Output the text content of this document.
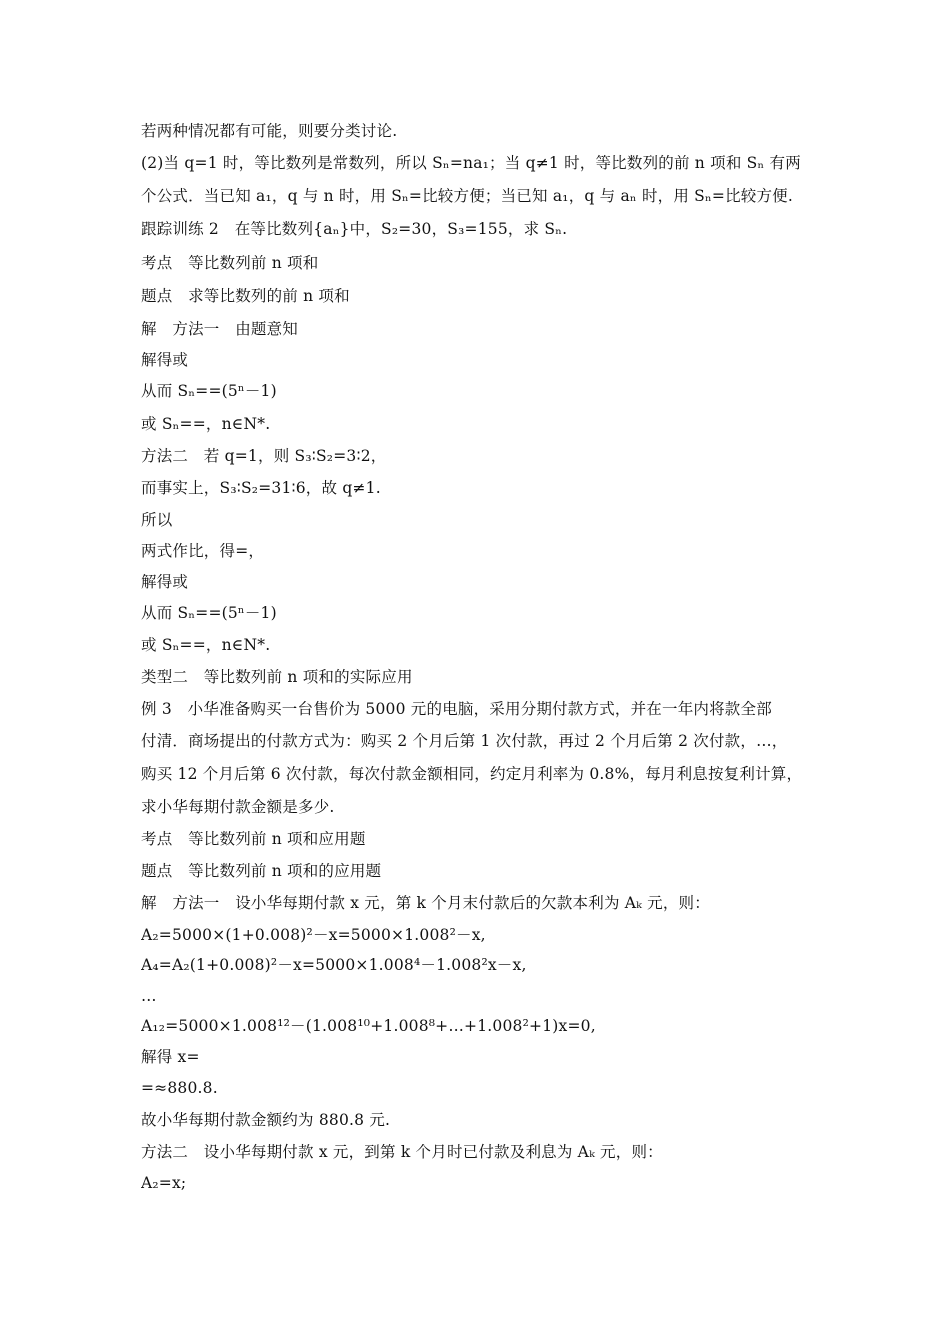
若两种情况都有可能，则要分类讨论.
(2)当 q=1 时，等比数列是常数列，所以 Sₙ=na₁；当 q≠1 时，等比数列的前 n 项和 Sₙ 有两
个公式．当已知 a₁，q 与 n 时，用 Sₙ=比较方便；当已知 a₁，q 与 aₙ 时，用 Sₙ=比较方便.
跟踪训练 2　在等比数列{aₙ}中，S₂=30，S₃=155，求 Sₙ.
考点　等比数列前 n 项和
题点　求等比数列的前 n 项和
解　方法一　由题意知
解得或
从而 Sₙ==(5ⁿ－1)
或 Sₙ==，n∈N*.
方法二　若 q=1，则 S₃∶S₂=3∶2，
而事实上，S₃∶S₂=31∶6，故 q≠1.
所以
两式作比，得=，
解得或
从而 Sₙ==(5ⁿ－1)
或 Sₙ==，n∈N*.
类型二　等比数列前 n 项和的实际应用
例 3　小华准备购买一台售价为 5000 元的电脑，采用分期付款方式，并在一年内将款全部
付清．商场提出的付款方式为：购买 2 个月后第 1 次付款，再过 2 个月后第 2 次付款，…，
购买 12 个月后第 6 次付款，每次付款金额相同，约定月利率为 0.8%，每月利息按复利计算，
求小华每期付款金额是多少.
考点　等比数列前 n 项和应用题
题点　等比数列前 n 项和的应用题
解　方法一　设小华每期付款 x 元，第 k 个月末付款后的欠款本利为 Aₖ 元，则：
A₂=5000×(1+0.008)²－x=5000×1.008²－x,
A₄=A₂(1+0.008)²－x=5000×1.008⁴－1.008²x－x,
…
A₁₂=5000×1.008¹²－(1.008¹⁰+1.008⁸+…+1.008²+1)x=0,
解得 x=
=≈880.8.
故小华每期付款金额约为 880.8 元.
方法二　设小华每期付款 x 元，到第 k 个月时已付款及利息为 Aₖ 元，则：
A₂=x;
